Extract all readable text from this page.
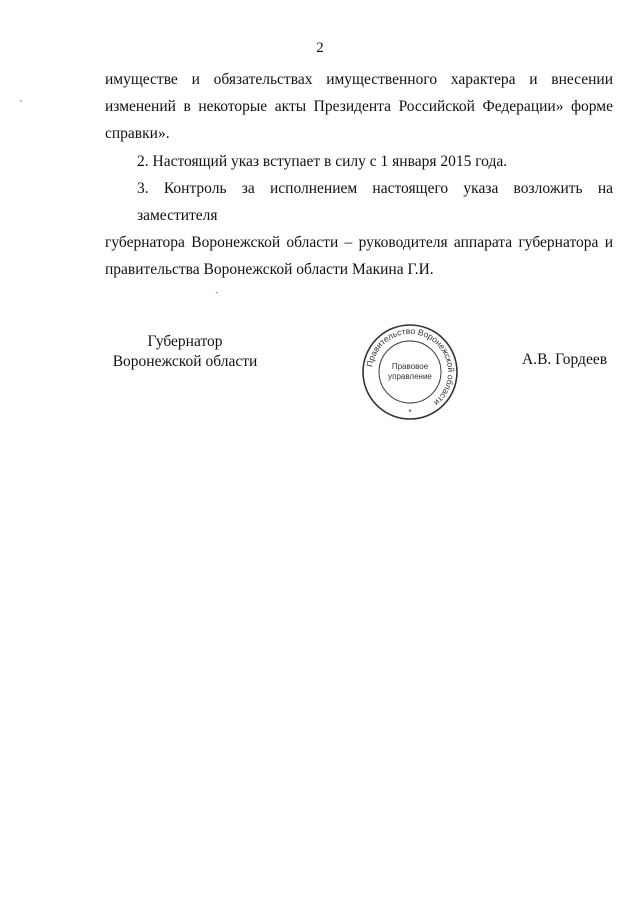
2

имуществе и обязательствах имущественного характера и внесении
изменений в некоторые акты Президента Российской Федерации» форме
справки».

2. Настоящий указ вступает в силу с 1 января 2015 года.

3. Контроль за исполнением настоящего указа возложить на заместителя
губернатора Воронежской области – руководителя аппарата губернатора и
правительства Воронежской области Макина Г.И.

ˎ
Губернатор
Воронежской области	Правительство Воронежской области
Правовое
управление
*
А.В. Гордеев
